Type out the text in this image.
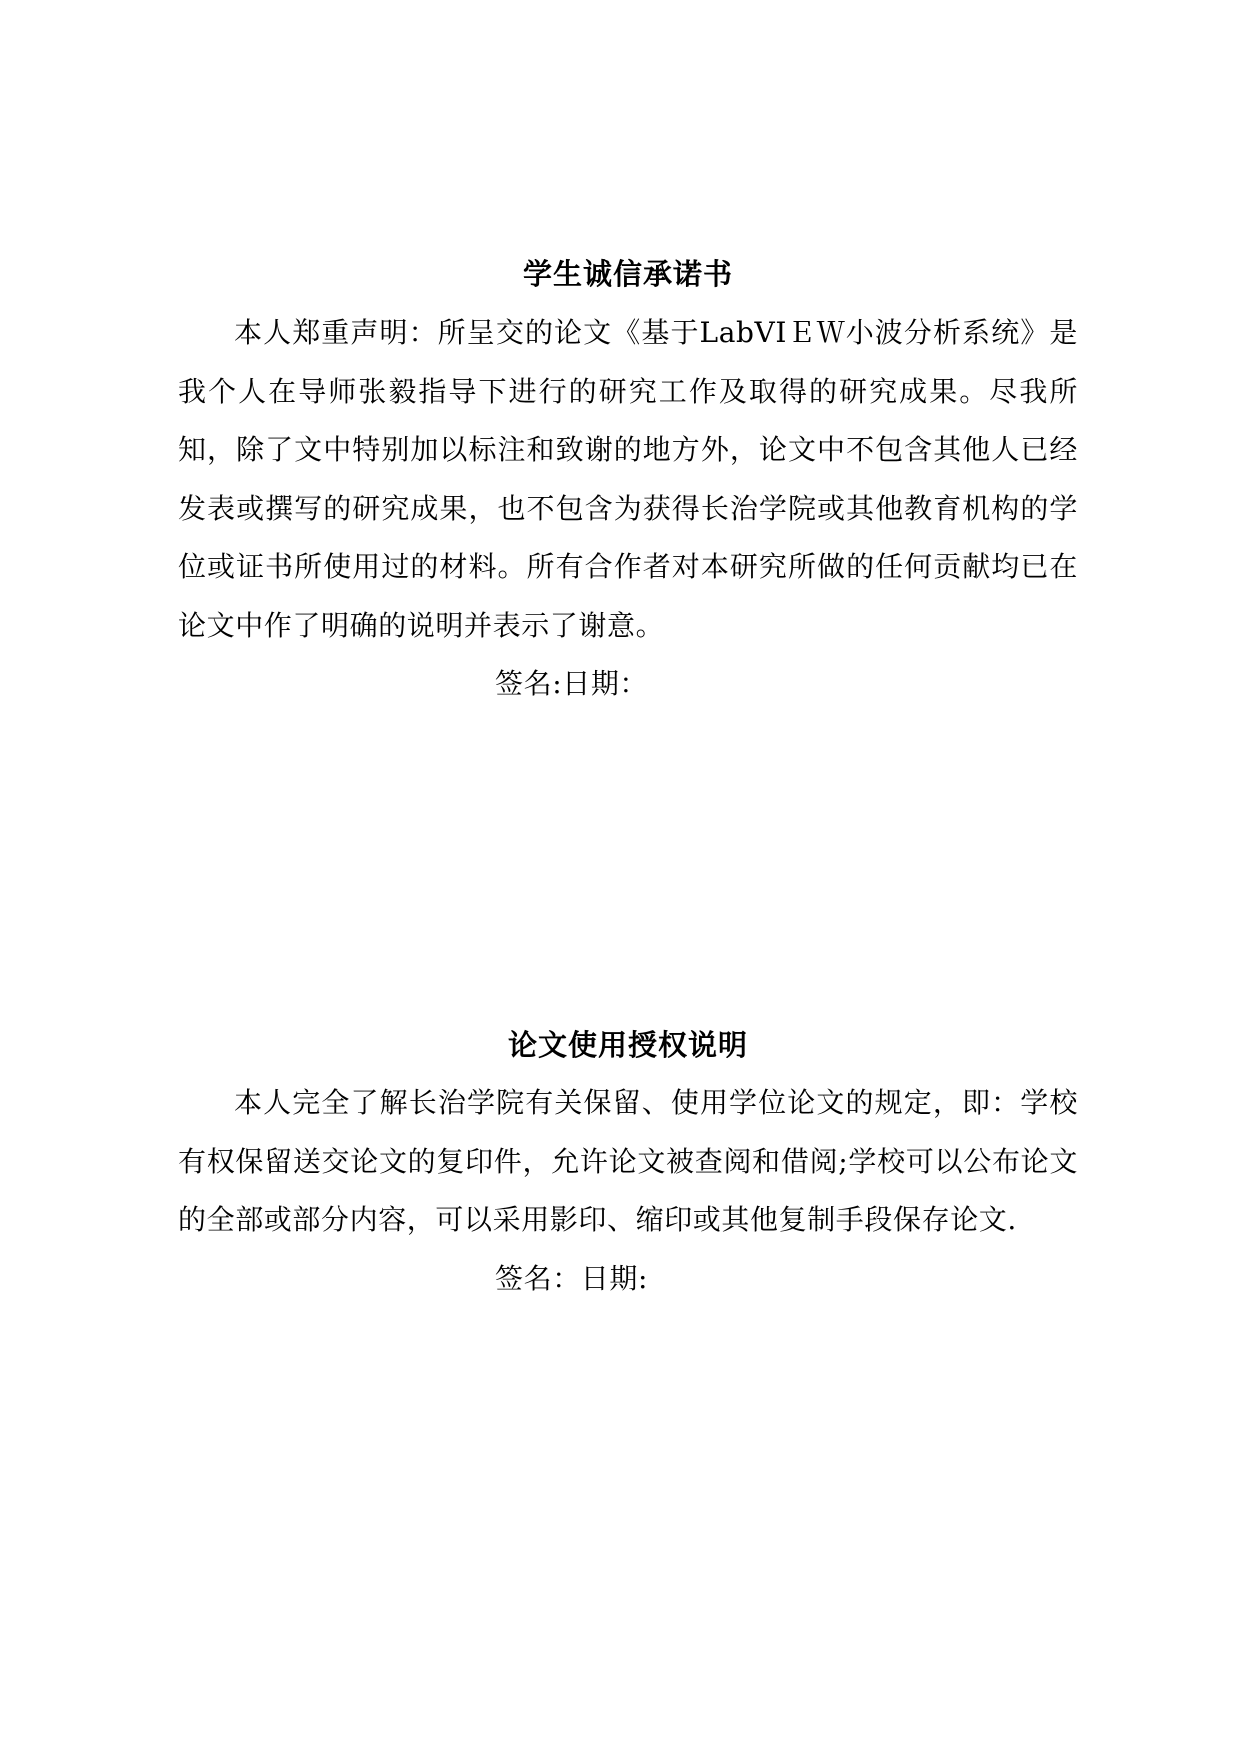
学生诚信承诺书

本人郑重声明：所呈交的论文《基于LabVIＥＷ小波分析系统》是我个人在导师张毅指导下进行的研究工作及取得的研究成果。尽我所知，除了文中特别加以标注和致谢的地方外，论文中不包含其他人已经发表或撰写的研究成果，也不包含为获得长治学院或其他教育机构的学位或证书所使用过的材料。所有合作者对本研究所做的任何贡献均已在论文中作了明确的说明并表示了谢意。

签名:日期：

论文使用授权说明

本人完全了解长治学院有关保留、使用学位论文的规定，即：学校有权保留送交论文的复印件，允许论文被查阅和借阅;学校可以公布论文的全部或部分内容，可以采用影印、缩印或其他复制手段保存论文.

签名：日期:
